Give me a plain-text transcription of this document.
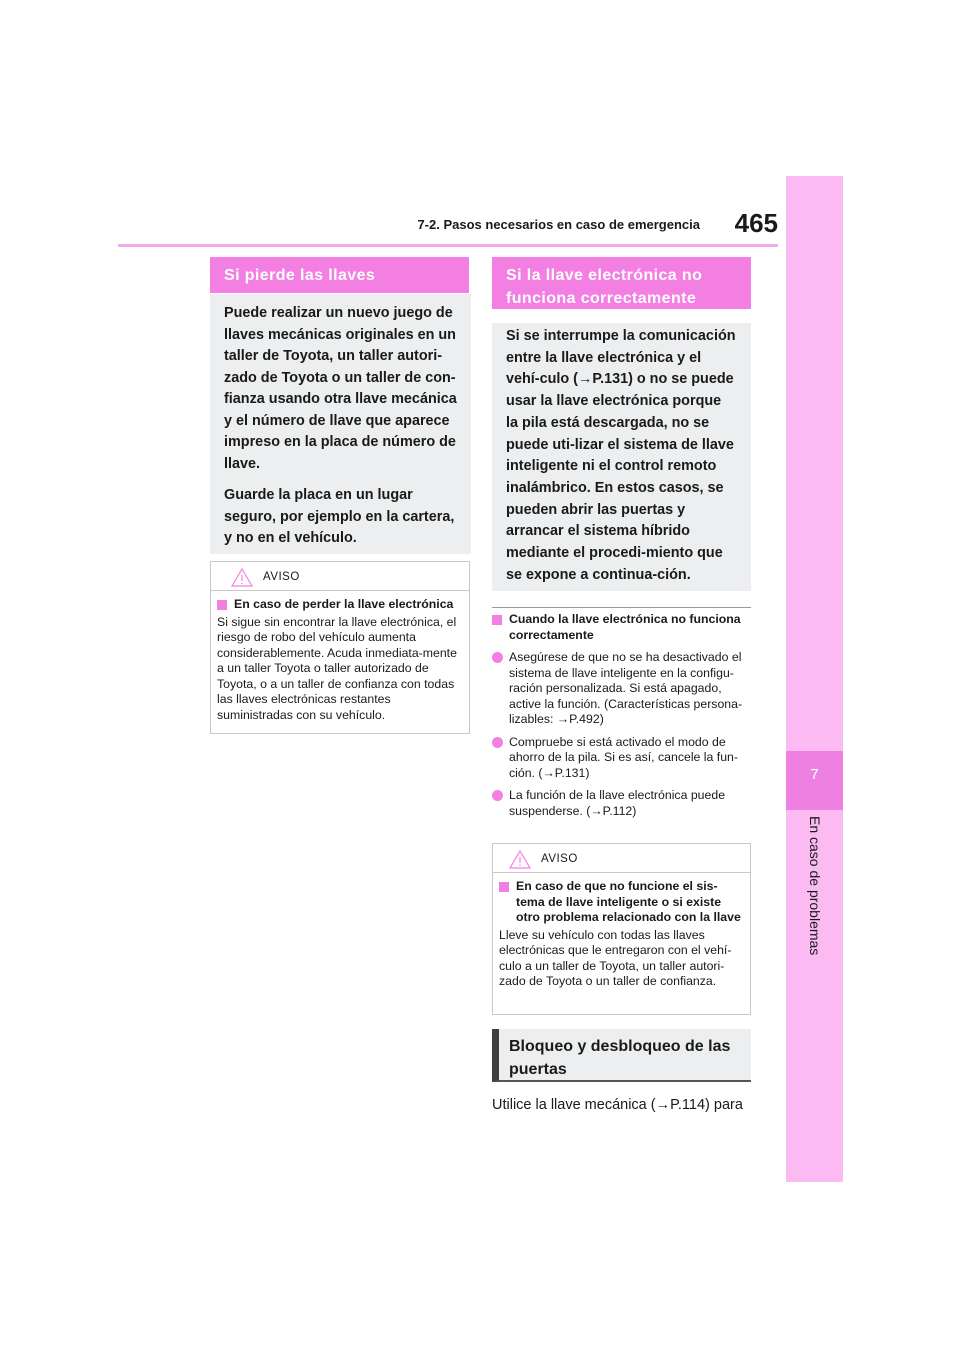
7-2. Pasos necesarios en caso de emergencia	465
7
En caso de problemas
Si pierde las llaves

Puede realizar un nuevo juego de llaves mecánicas originales en un taller de Toyota, un taller autori-zado de Toyota o un taller de con-fianza usando otra llave mecánica y el número de llave que aparece impreso en la placa de número de llave.

Guarde la placa en un lugar seguro, por ejemplo en la cartera, y no en el vehículo.

AVISO
En caso de perder la llave electrónica

Si sigue sin encontrar la llave electrónica, el riesgo de robo del vehículo aumenta considerablemente. Acuda inmediata-mente a un taller Toyota o taller autorizado de Toyota, o a un taller de confianza con todas las llaves electrónicas restantes suministradas con su vehículo.

Si la llave electrónica no funciona correctamente

Si se interrumpe la comunicación entre la llave electrónica y el vehí-culo (→P.131) o no se puede usar la llave electrónica porque la pila está descargada, no se puede uti-lizar el sistema de llave inteligente ni el control remoto inalámbrico. En estos casos, se pueden abrir las puertas y arrancar el sistema híbrido mediante el procedi-miento que se expone a continua-ción.

Cuando la llave electrónica no funciona correctamente
Asegúrese de que no se ha desactivado el sistema de llave inteligente en la configu-ración personalizada. Si está apagado, active la función. (Características persona-lizables: →P.492)
Compruebe si está activado el modo de ahorro de la pila. Si es así, cancele la fun-ción. (→P.131)
La función de la llave electrónica puede suspenderse. (→P.112)
AVISO
En caso de que no funcione el sis-tema de llave inteligente o si existe otro problema relacionado con la llave

Lleve su vehículo con todas las llaves electrónicas que le entregaron con el vehí-culo a un taller de Toyota, un taller autori-zado de Toyota o un taller de confianza.

Bloqueo y desbloqueo de las puertas
Utilice la llave mecánica (→P.114) para
